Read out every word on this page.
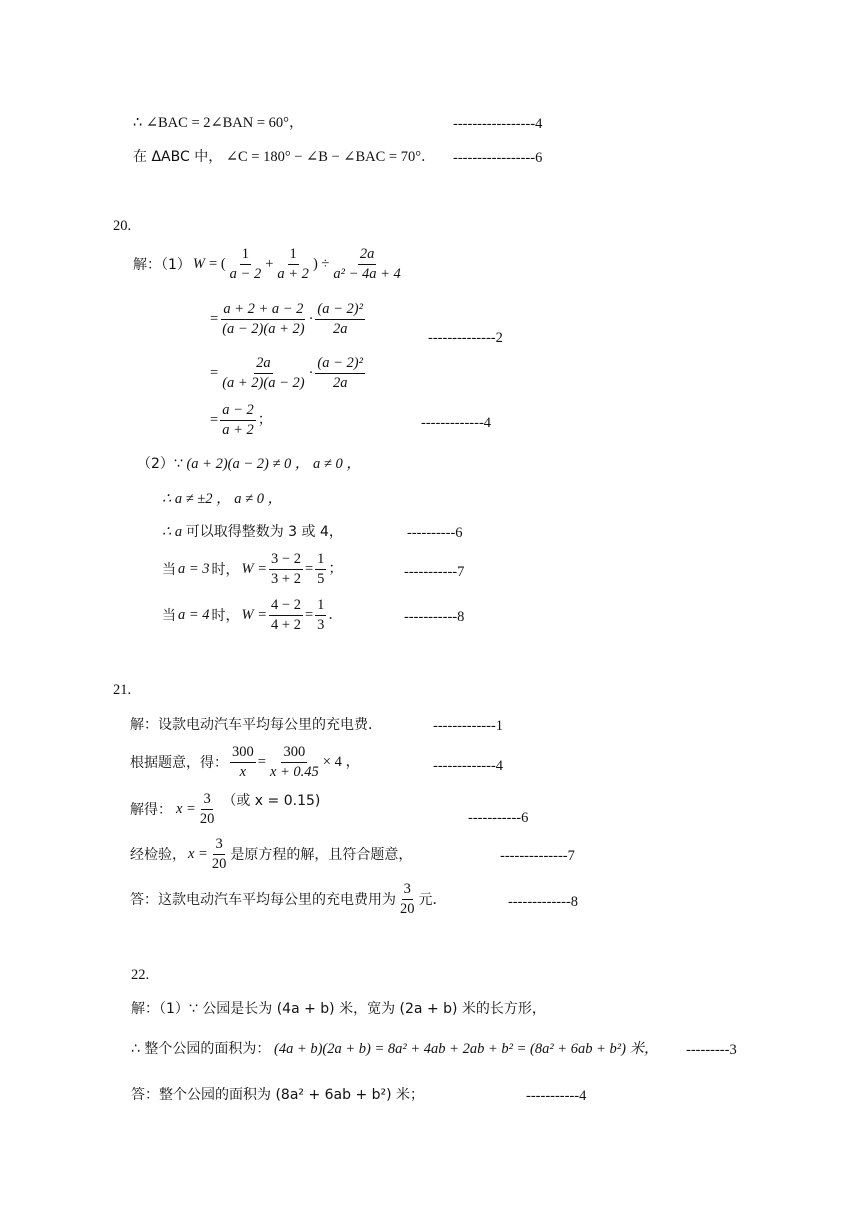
∴ ∠BAC = 2∠BAN = 60°，	-----------------4
在 ΔABC 中， ∠C = 180° − ∠B − ∠BAC = 70°． -----------------6
20.
解：（1） W = ( $\frac{1}{a - 2} + \frac{1}{a + 2}$ ) ÷ $\frac{2a}{\text{a² − 4a + 4}}$
= $\frac{a + 2 + a - 2}{(a - 2)(a + 2)} \cdot \frac{\text{(a − 2)²}}{2a}$
--------------2
= $\frac{2a}{(a + 2)(a - 2)} \cdot \frac{\text{(a − 2)²}}{2a}$
= $\frac{a - 2}{a + 2}$ ；	-------------4
（2）∵ (a + 2)(a − 2) ≠ 0 ， a ≠ 0 ，
∴ a ≠ ±2 ， a ≠ 0 ，
∴ a 可以取得整数为 3 或 4，	----------6
当 a = 3 时， $W = \frac{3 - 2}{3 + 2} = \frac{1}{5}$ ；	-----------7
当 a = 4 时， $W = \frac{4 - 2}{4 + 2} = \frac{1}{3}$ ．	-----------8
21.
解：设款电动汽车平均每公里的充电费．	-------------1
根据题意，得： $\frac{300}{x} = \frac{300}{x + 0.45} \times 4$ ，	-------------4
解得： $x = \frac{3}{20}$ （或 x = 0.15)
-----------6
经检验， $x = \frac{3}{20}$ 是原方程的解，且符合题意，	--------------7
答：这款电动汽车平均每公里的充电费用为 $\frac{3}{20}$ 元．	-------------8
22.
解：（1）∵ 公园是长为 (4a + b) 米，宽为 (2a + b) 米的长方形，
∴ 整个公园的面积为： (4a + b)(2a + b) = 8a² + 4ab + 2ab + b² = (8a² + 6ab + b²) 米， ---------3
答：整个公园的面积为 (8a² + 6ab + b²) 米；	-----------4
